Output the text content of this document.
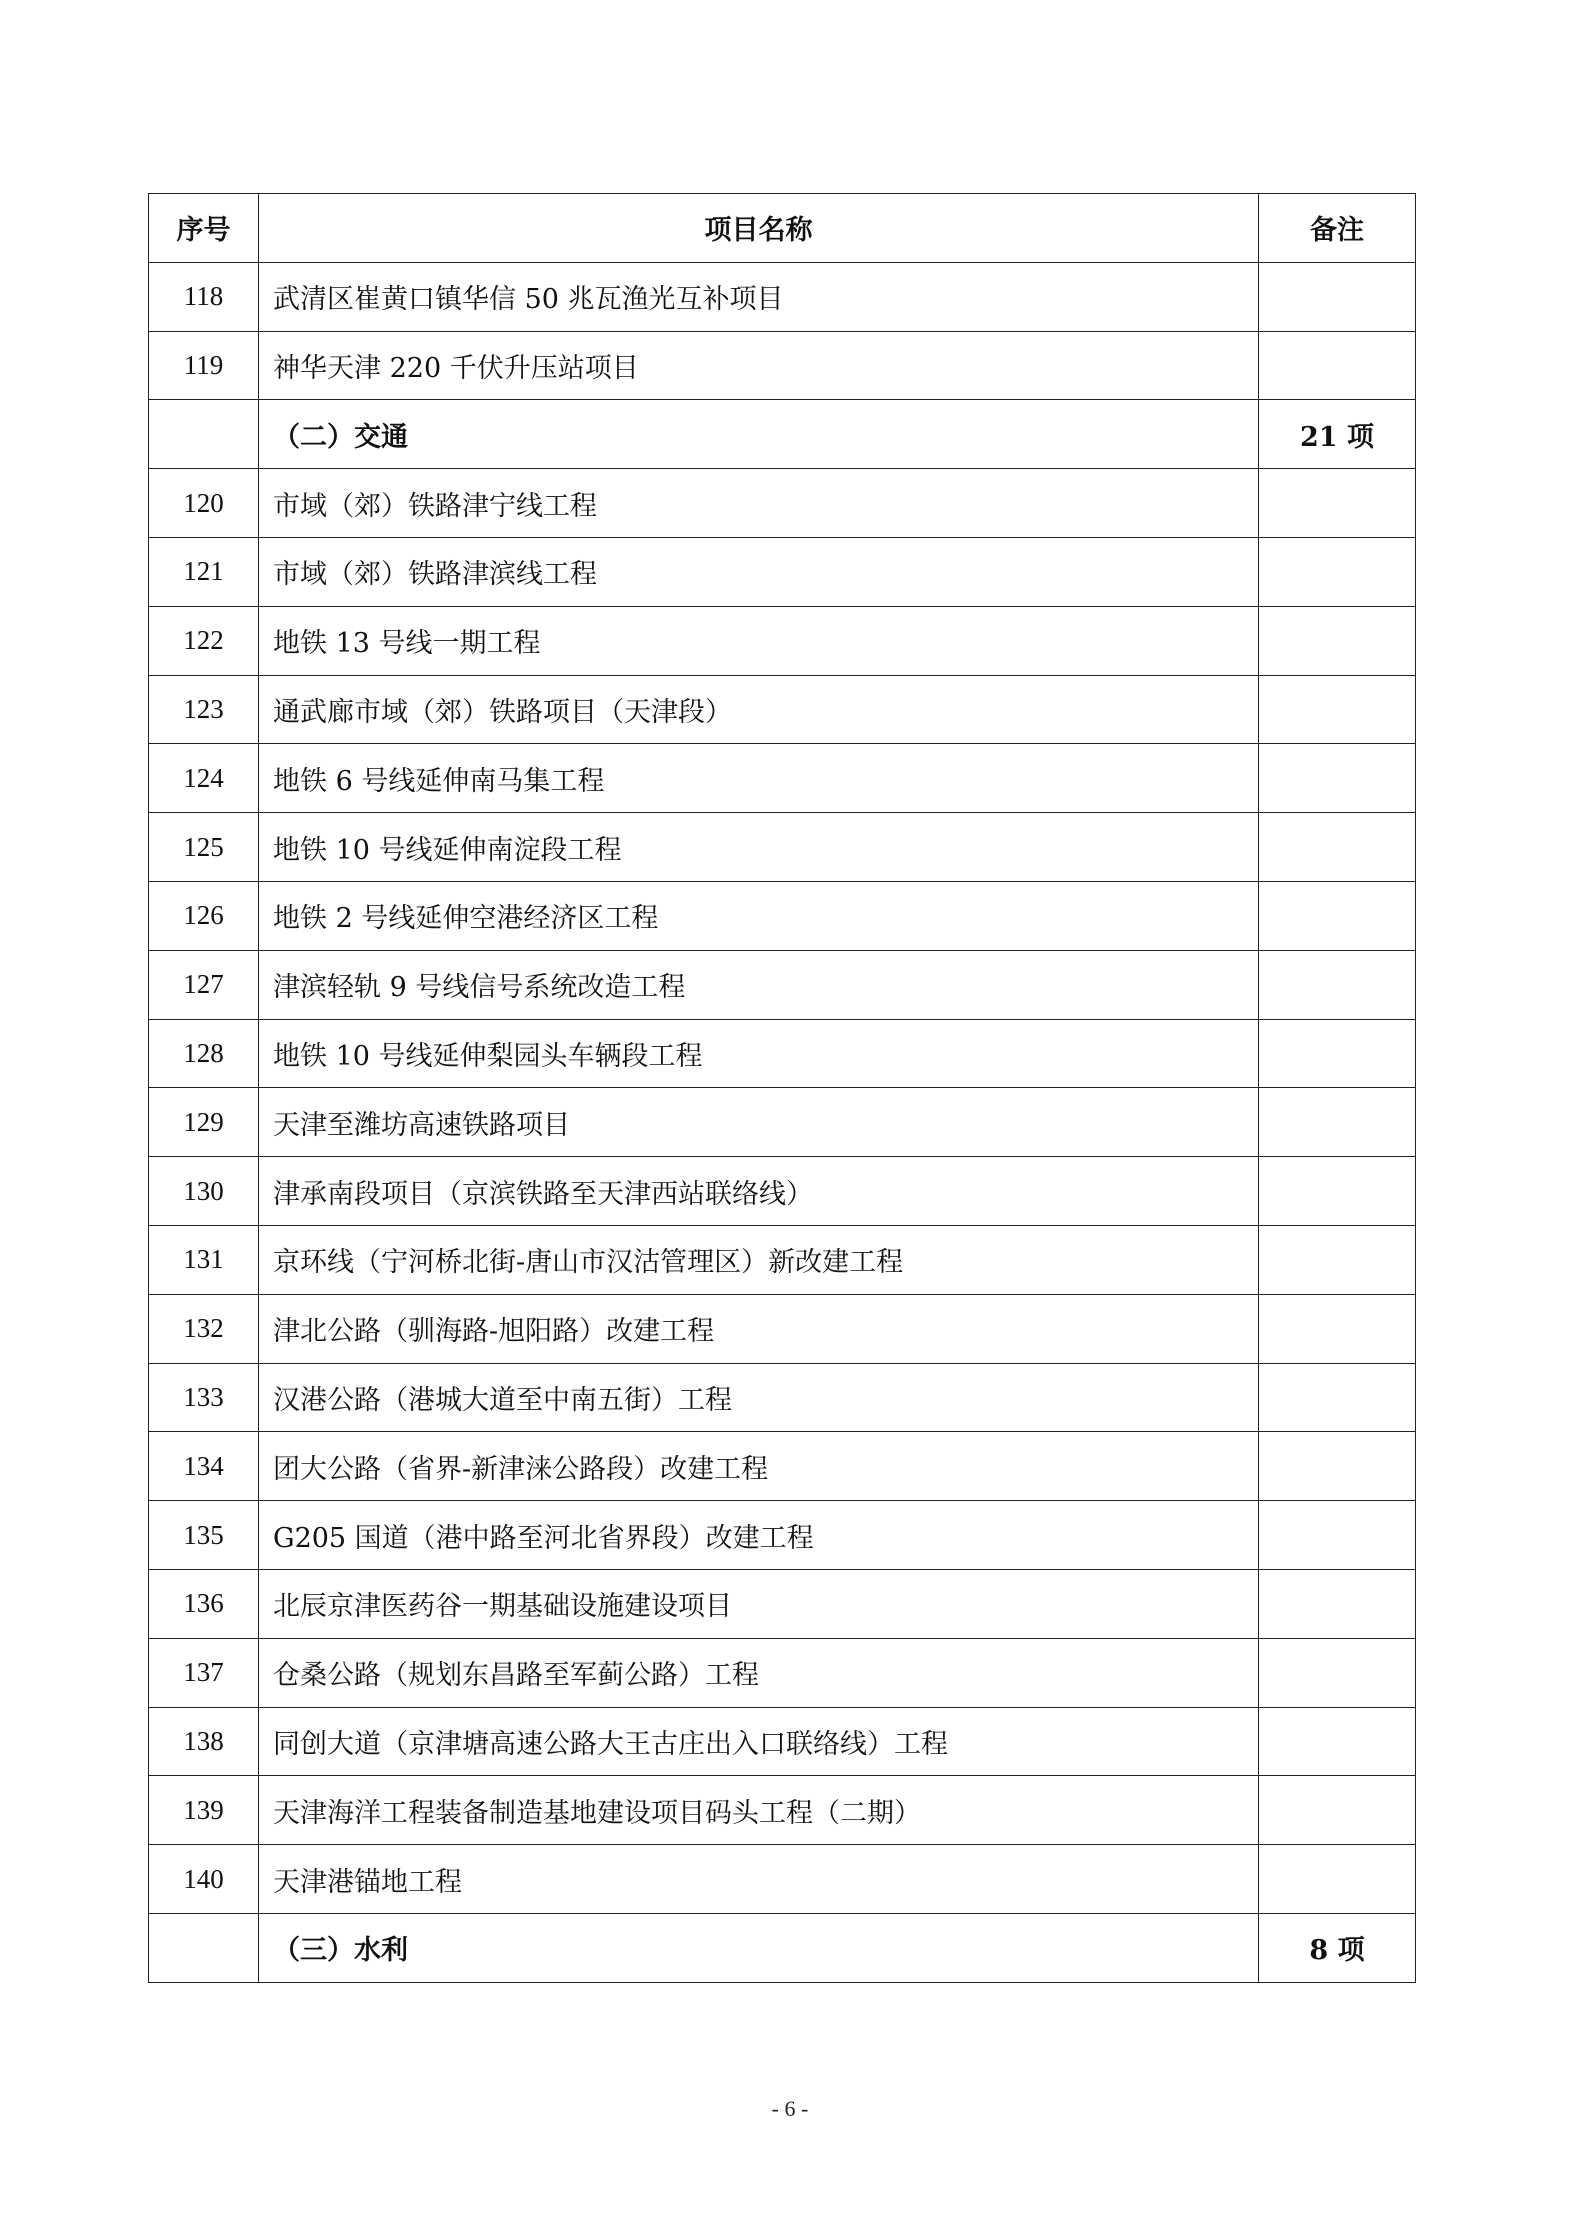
序号	项目名称	备注
118	武清区崔黄口镇华信 50 兆瓦渔光互补项目	
119	神华天津 220 千伏升压站项目	
	（二）交通	21 项
120	市域（郊）铁路津宁线工程	
121	市域（郊）铁路津滨线工程	
122	地铁 13 号线一期工程	
123	通武廊市域（郊）铁路项目（天津段）	
124	地铁 6 号线延伸南马集工程	
125	地铁 10 号线延伸南淀段工程	
126	地铁 2 号线延伸空港经济区工程	
127	津滨轻轨 9 号线信号系统改造工程	
128	地铁 10 号线延伸梨园头车辆段工程	
129	天津至潍坊高速铁路项目	
130	津承南段项目（京滨铁路至天津西站联络线）	
131	京环线（宁河桥北街-唐山市汉沽管理区）新改建工程	
132	津北公路（驯海路-旭阳路）改建工程	
133	汉港公路（港城大道至中南五街）工程	
134	团大公路（省界-新津涞公路段）改建工程	
135	G205 国道（港中路至河北省界段）改建工程	
136	北辰京津医药谷一期基础设施建设项目	
137	仓桑公路（规划东昌路至军蓟公路）工程	
138	同创大道（京津塘高速公路大王古庄出入口联络线）工程	
139	天津海洋工程装备制造基地建设项目码头工程（二期）	
140	天津港锚地工程	
	（三）水利	8 项
- 6 -
